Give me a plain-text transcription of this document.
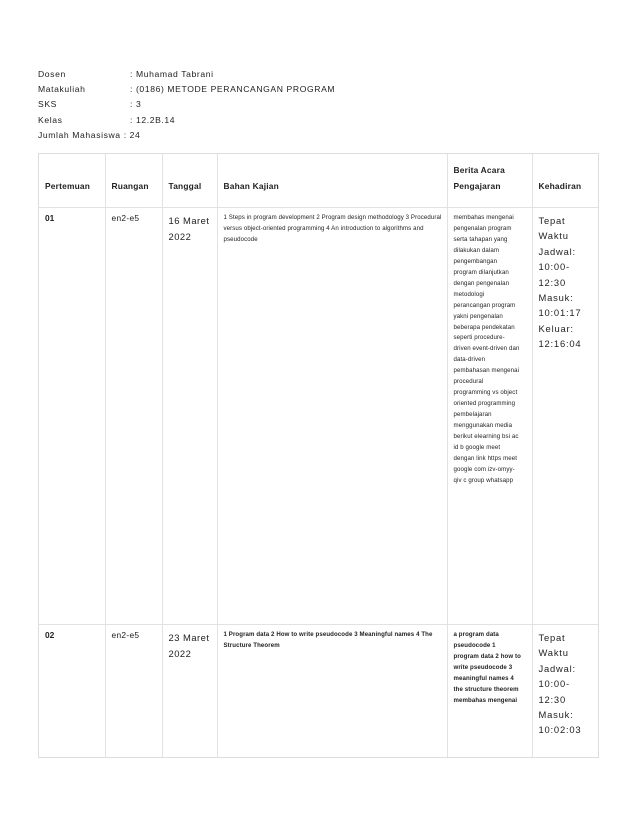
Dosen	: Muhamad Tabrani
Matakuliah	: (0186) METODE PERANCANGAN PROGRAM
SKS	: 3
Kelas	: 12.2B.14
Jumlah Mahasiswa : 24
Pertemuan	Ruangan	Tanggal	Bahan Kajian	Berita Acara Pengajaran	Kehadiran

01	en2-e5	16 Maret 2022	1 Steps in program development 2 Program design methodology 3 Procedural versus object-oriented programming 4 An introduction to algorithms and pseudocode	membahas mengenai pengenalan program serta tahapan yang dilakukan dalam pengembangan program dilanjutkan dengan pengenalan metodologi perancangan program yakni pengenalan beberapa pendekatan seperti procedure-driven event-driven dan data-driven pembahasan mengenai procedural programming vs object oriented programming pembelajaran menggunakan media berikut elearning bsi ac id b google meet dengan link https meet google com izv-omyy-qiv c group whatsapp	Tepat Waktu Jadwal: 10:00-12:30 Masuk: 10:01:17 Keluar: 12:16:04

02	en2-e5	23 Maret 2022	1 Program data 2 How to write pseudocode 3 Meaningful names 4 The Structure Theorem	a program data pseudocode 1 program data 2 how to write pseudocode 3 meaningful names 4 the structure theorem membahas mengenai	Tepat Waktu Jadwal: 10:00-12:30 Masuk: 10:02:03
